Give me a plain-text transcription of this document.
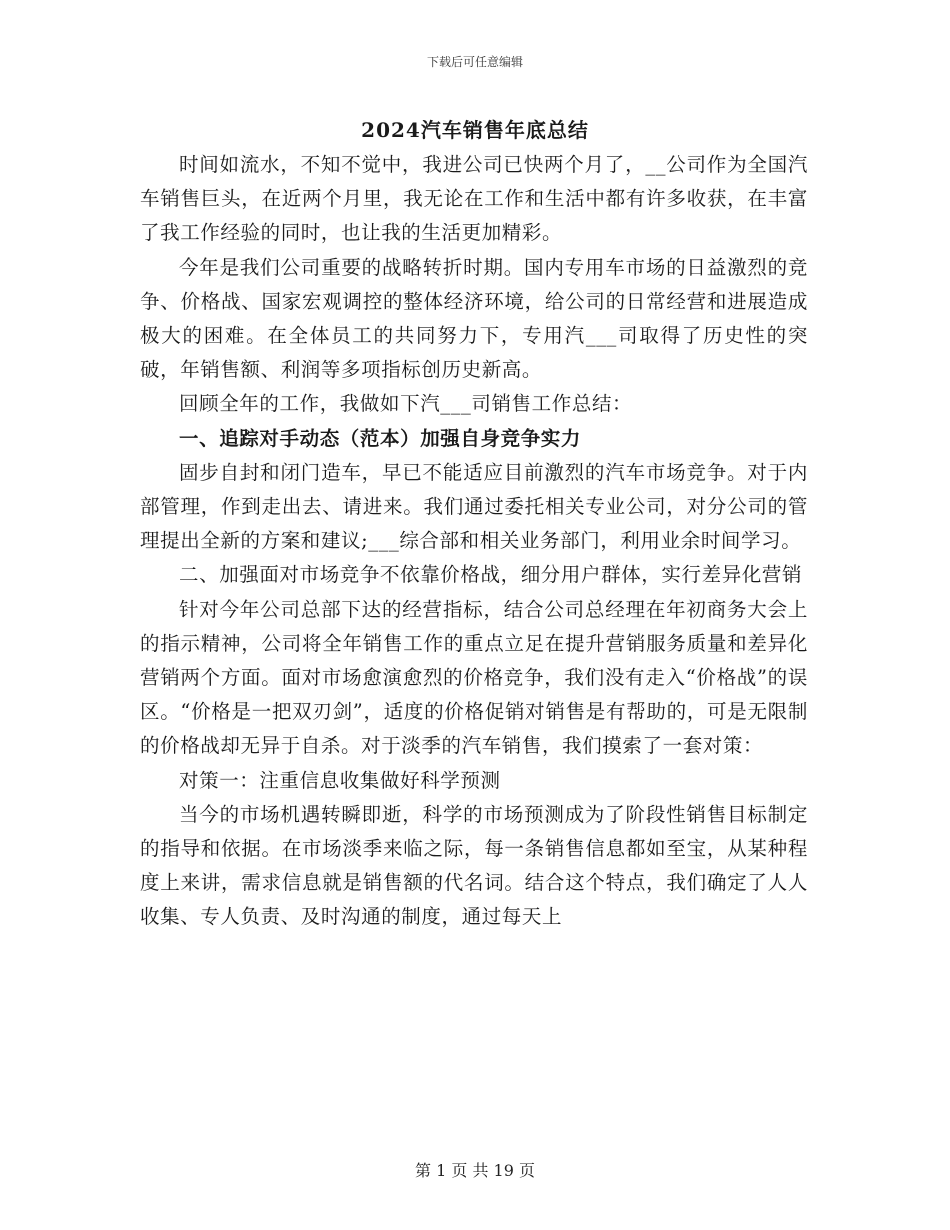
下载后可任意编辑
2024汽车销售年底总结

时间如流水，不知不觉中，我进公司已快两个月了，__公司作为全国汽车销售巨头，在近两个月里，我无论在工作和生活中都有许多收获，在丰富了我工作经验的同时，也让我的生活更加精彩。

今年是我们公司重要的战略转折时期。国内专用车市场的日益激烈的竞争、价格战、国家宏观调控的整体经济环境，给公司的日常经营和进展造成极大的困难。在全体员工的共同努力下，专用汽___司取得了历史性的突破，年销售额、利润等多项指标创历史新高。

回顾全年的工作，我做如下汽___司销售工作总结：

一、追踪对手动态（范本）加强自身竞争实力

固步自封和闭门造车，早已不能适应目前激烈的汽车市场竞争。对于内部管理，作到走出去、请进来。我们通过委托相关专业公司，对分公司的管理提出全新的方案和建议;___综合部和相关业务部门，利用业余时间学习。

二、加强面对市场竞争不依靠价格战，细分用户群体，实行差异化营销

针对今年公司总部下达的经营指标，结合公司总经理在年初商务大会上的指示精神，公司将全年销售工作的重点立足在提升营销服务质量和差异化营销两个方面。面对市场愈演愈烈的价格竞争，我们没有走入“价格战”的误区。“价格是一把双刃剑”，适度的价格促销对销售是有帮助的，可是无限制的价格战却无异于自杀。对于淡季的汽车销售，我们摸索了一套对策：

对策一：注重信息收集做好科学预测

当今的市场机遇转瞬即逝，科学的市场预测成为了阶段性销售目标制定的指导和依据。在市场淡季来临之际，每一条销售信息都如至宝，从某种程度上来讲，需求信息就是销售额的代名词。结合这个特点，我们确定了人人收集、专人负责、及时沟通的制度，通过每天上

第 1 页 共 19 页
